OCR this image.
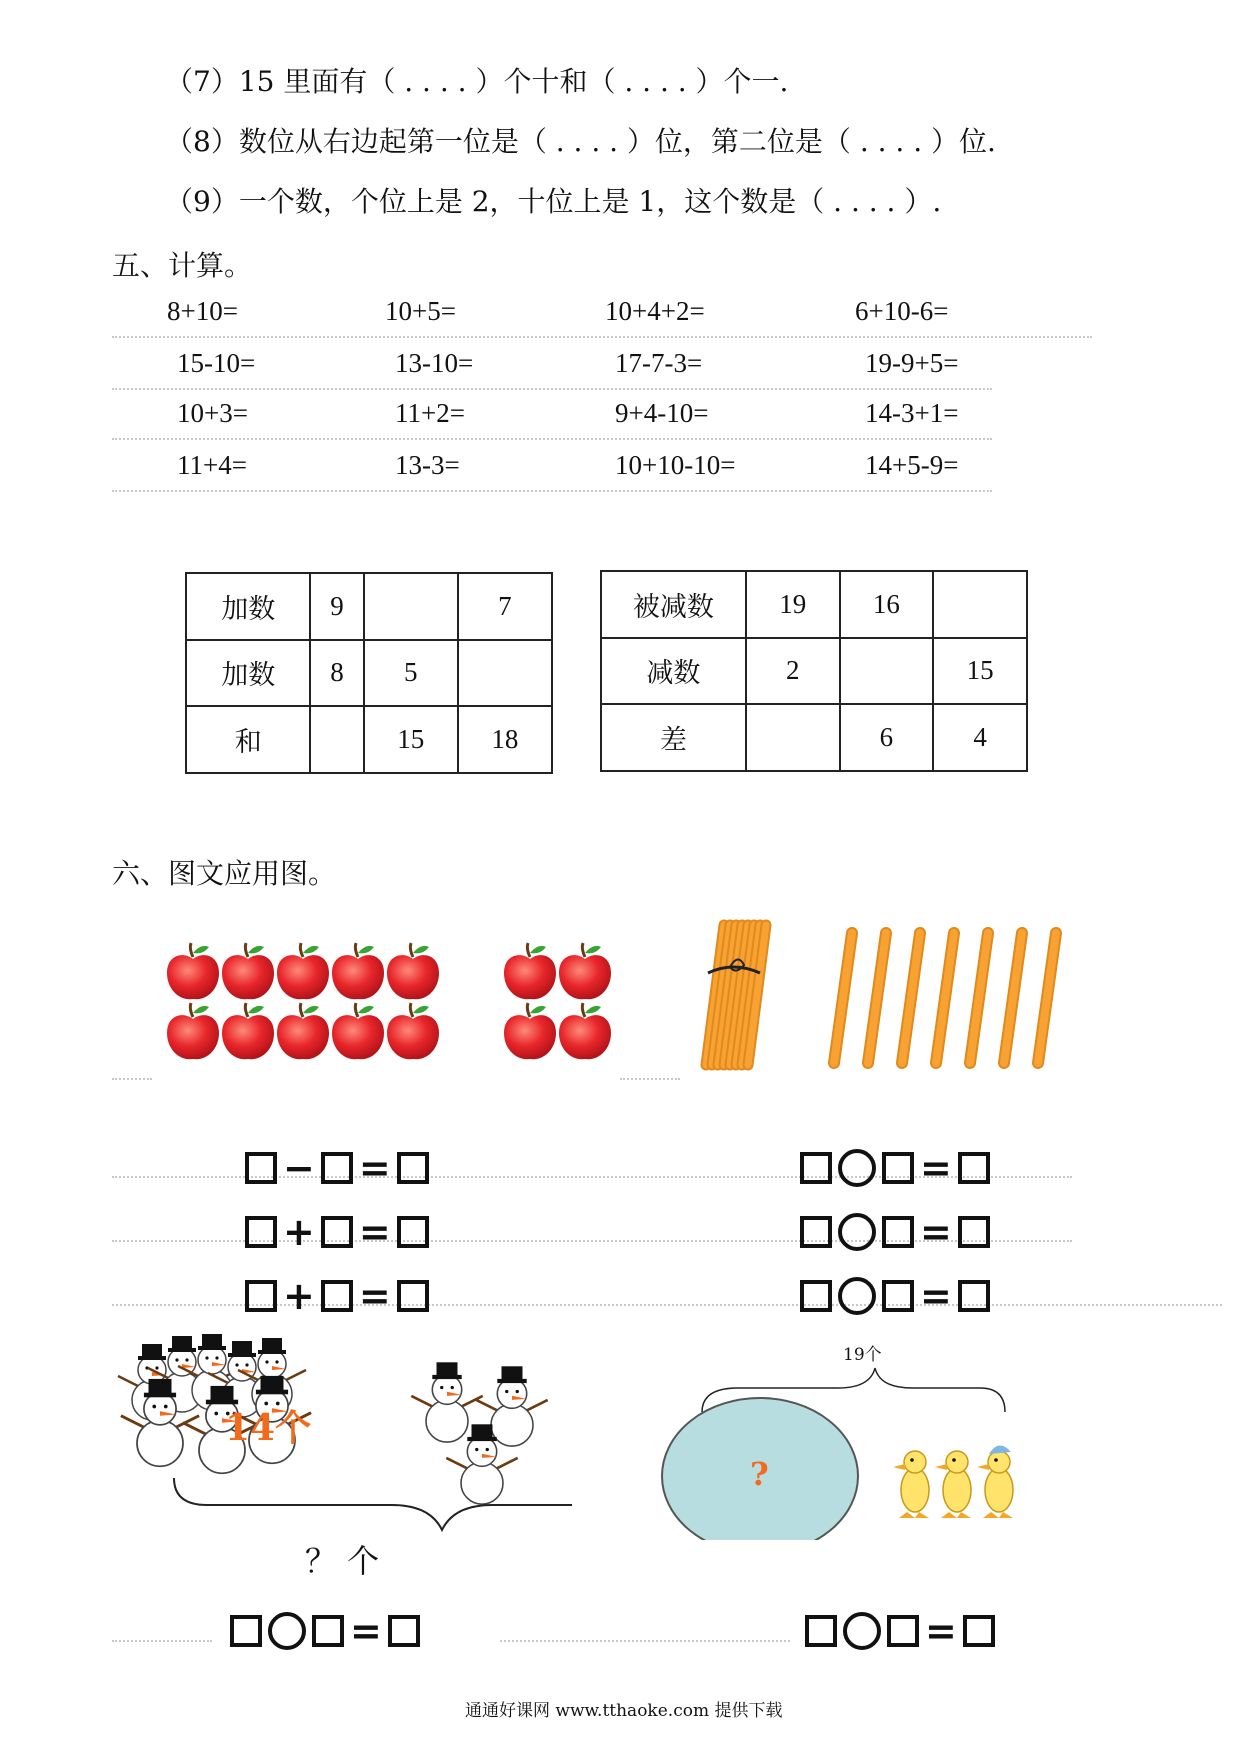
（7）15 里面有（ . . . . ）个十和（ . . . . ）个一.
（8）数位从右边起第一位是（ . . . . ）位，第二位是（ . . . . ）位.
（9）一个数，个位上是 2，十位上是 1，这个数是（ . . . . ）.
五、计算。
8+10=	10+5=	10+4+2=	6+10-6=
15-10=	13-10=	17-7-3=	19-9+5=
10+3=	11+2=	9+4-10=	14-3+1=
11+4=	13-3=	10+10-10=	14+5-9=
加数	9		7
加数	8	5	
和		15	18
被减数	19	16	
减数	2		15
差		6	4
六、图文应用图。
− =
+ =
+ =
=
=
=
14个
？ 个
19个
?
=	=
通通好课网 www.tthaoke.com 提供下载
